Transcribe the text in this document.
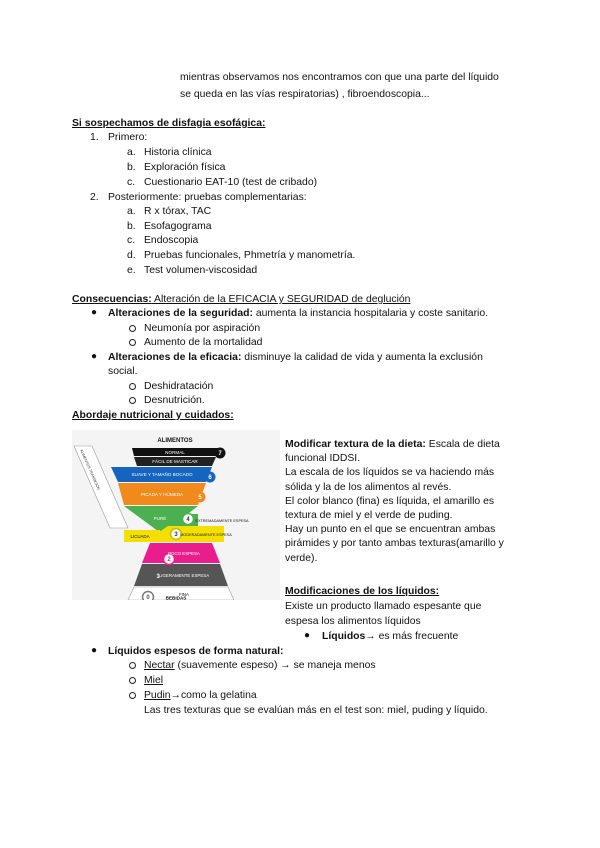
mientras observamos nos encontramos con que una parte del líquido
se queda en las vías respiratorias) , fibroendoscopia...
Si sospechamos de disfagia esofágica:
1. Primero:
a. Historia clínica
b. Exploración física
c. Cuestionario EAT-10 (test de cribado)
2. Posteriormente: pruebas complementarias:
a. R x tórax, TAC
b. Esofagograma
c. Endoscopia
d. Pruebas funcionales, Phmetría y manometría.
e. Test volumen-viscosidad
Consecuencias: Alteración de la EFICACIA y SEGURIDAD de deglución
● Alteraciones de la seguridad: aumenta la instancia hospitalaria y coste sanitario.
Neumonía por aspiración
Aumento de la mortalidad
● Alteraciones de la eficacia: disminuye la calidad de vida y aumenta la exclusión
social.
Deshidratación
Desnutrición.
Abordaje nutricional y cuidados:
ALIMENTOS
NORMAL
FÁCIL DE MASTICAR
SUAVE Y TAMAÑO BOCADO
PICADA Y HÚMEDA
PURÉ	EXTREMADAMENTE ESPESA
LICUADA	MODERADAMENTE ESPESA
POCO ESPESA
LIGERAMENTE ESPESA
FINA
BEBIDAS
ALIMENTOS TRANSICIÓN	7
6
5
4
3
2
1
0
Modificar textura de la dieta: Escala de dieta
funcional IDDSI.
La escala de los líquidos se va haciendo más
sólida y la de los alimentos al revés.
El color blanco (fina) es líquida, el amarillo es
textura de miel y el verde de puding.
Hay un punto en el que se encuentran ambas
pirámides y por tanto ambas texturas(amarillo y
verde).
Modificaciones de los líquidos:
Existe un producto llamado espesante que
espesa los alimentos líquidos
● Líquidos→ es más frecuente
● Líquidos espesos de forma natural:
Nectar (suavemente espeso) → se maneja menos
Miel
Pudin→como la gelatina
Las tres texturas que se evalúan más en el test son: miel, puding y líquido.
